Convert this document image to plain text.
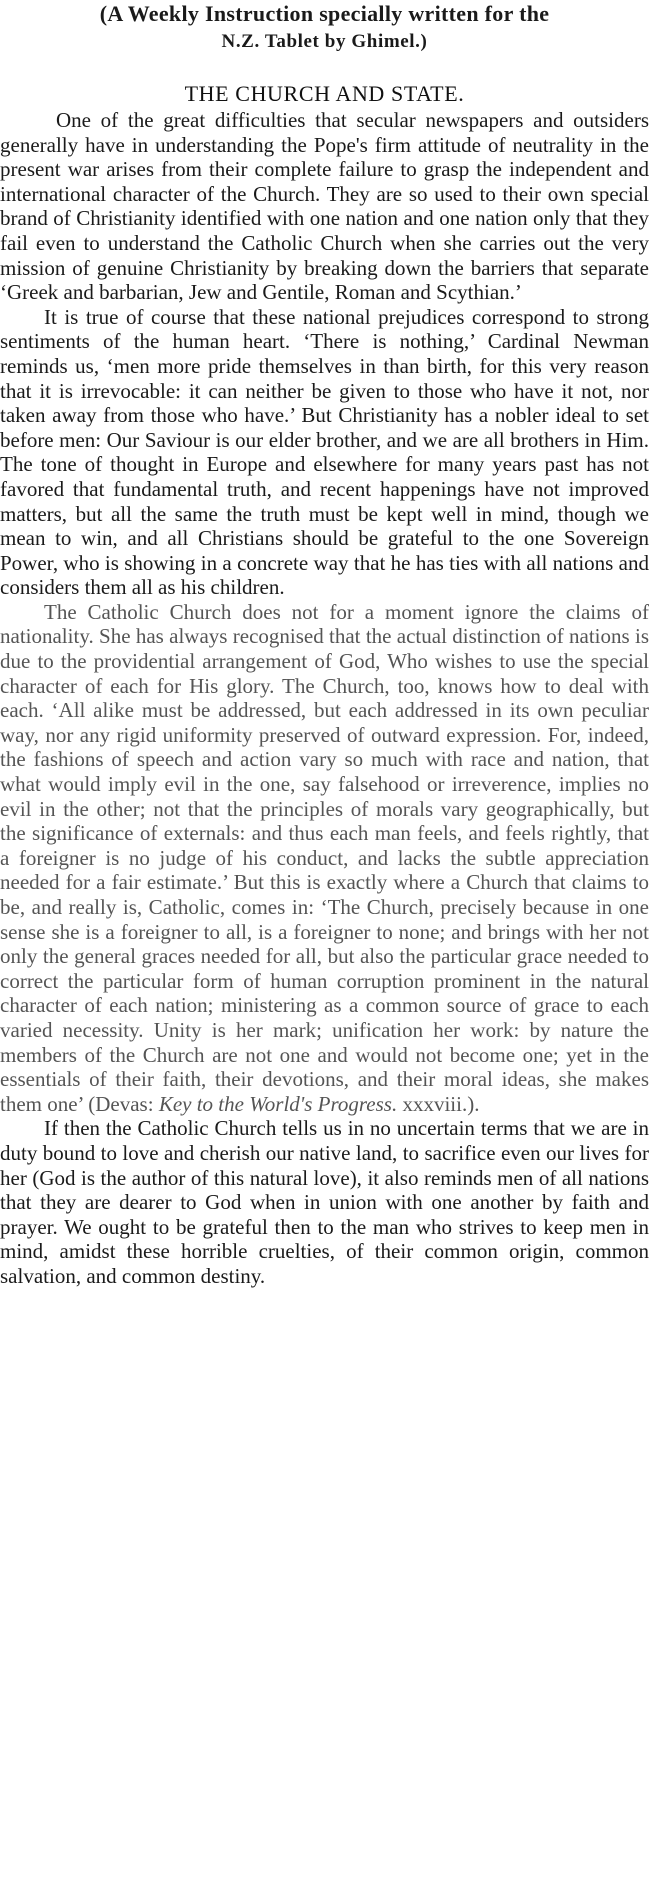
(A Weekly Instruction specially written for the
N.Z. Tablet by Ghimel.)
THE CHURCH AND STATE.

One of the great difficulties that secular newspapers and outsiders generally have in understanding the Pope's firm attitude of neutrality in the present war arises from their complete failure to grasp the independent and international character of the Church. They are so used to their own special brand of Christianity identified with one nation and one nation only that they fail even to understand the Catholic Church when she carries out the very mission of genuine Christianity by breaking down the barriers that separate ‘Greek and barbarian, Jew and Gentile, Roman and Scythian.’

It is true of course that these national prejudices correspond to strong sentiments of the human heart. ‘There is nothing,’ Cardinal Newman reminds us, ‘men more pride themselves in than birth, for this very reason that it is irrevocable: it can neither be given to those who have it not, nor taken away from those who have.’ But Christianity has a nobler ideal to set before men: Our Saviour is our elder brother, and we are all brothers in Him. The tone of thought in Europe and elsewhere for many years past has not favored that fundamental truth, and recent happenings have not improved matters, but all the same the truth must be kept well in mind, though we mean to win, and all Christians should be grateful to the one Sovereign Power, who is showing in a concrete way that he has ties with all nations and considers them all as his children.

The Catholic Church does not for a moment ignore the claims of nationality. She has always recognised that the actual distinction of nations is due to the providential arrangement of God, Who wishes to use the special character of each for His glory. The Church, too, knows how to deal with each. ‘All alike must be addressed, but each addressed in its own peculiar way, nor any rigid uniformity preserved of outward expression. For, indeed, the fashions of speech and action vary so much with race and nation, that what would imply evil in the one, say falsehood or irreverence, implies no evil in the other; not that the principles of morals vary geographically, but the significance of externals: and thus each man feels, and feels rightly, that a foreigner is no judge of his conduct, and lacks the subtle appreciation needed for a fair estimate.’ But this is exactly where a Church that claims to be, and really is, Catholic, comes in: ‘The Church, precisely because in one sense she is a foreigner to all, is a foreigner to none; and brings with her not only the general graces needed for all, but also the particular grace needed to correct the particular form of human corruption prominent in the natural character of each nation; ministering as a common source of grace to each varied necessity. Unity is her mark; unification her work: by nature the members of the Church are not one and would not become one; yet in the essentials of their faith, their devotions, and their moral ideas, she makes them one’ (Devas: Key to the World's Progress. xxxviii.).

If then the Catholic Church tells us in no uncertain terms that we are in duty bound to love and cherish our native land, to sacrifice even our lives for her (God is the author of this natural love), it also reminds men of all nations that they are dearer to God when in union with one another by faith and prayer. We ought to be grateful then to the man who strives to keep men in mind, amidst these horrible cruelties, of their common origin, common salvation, and common destiny.
